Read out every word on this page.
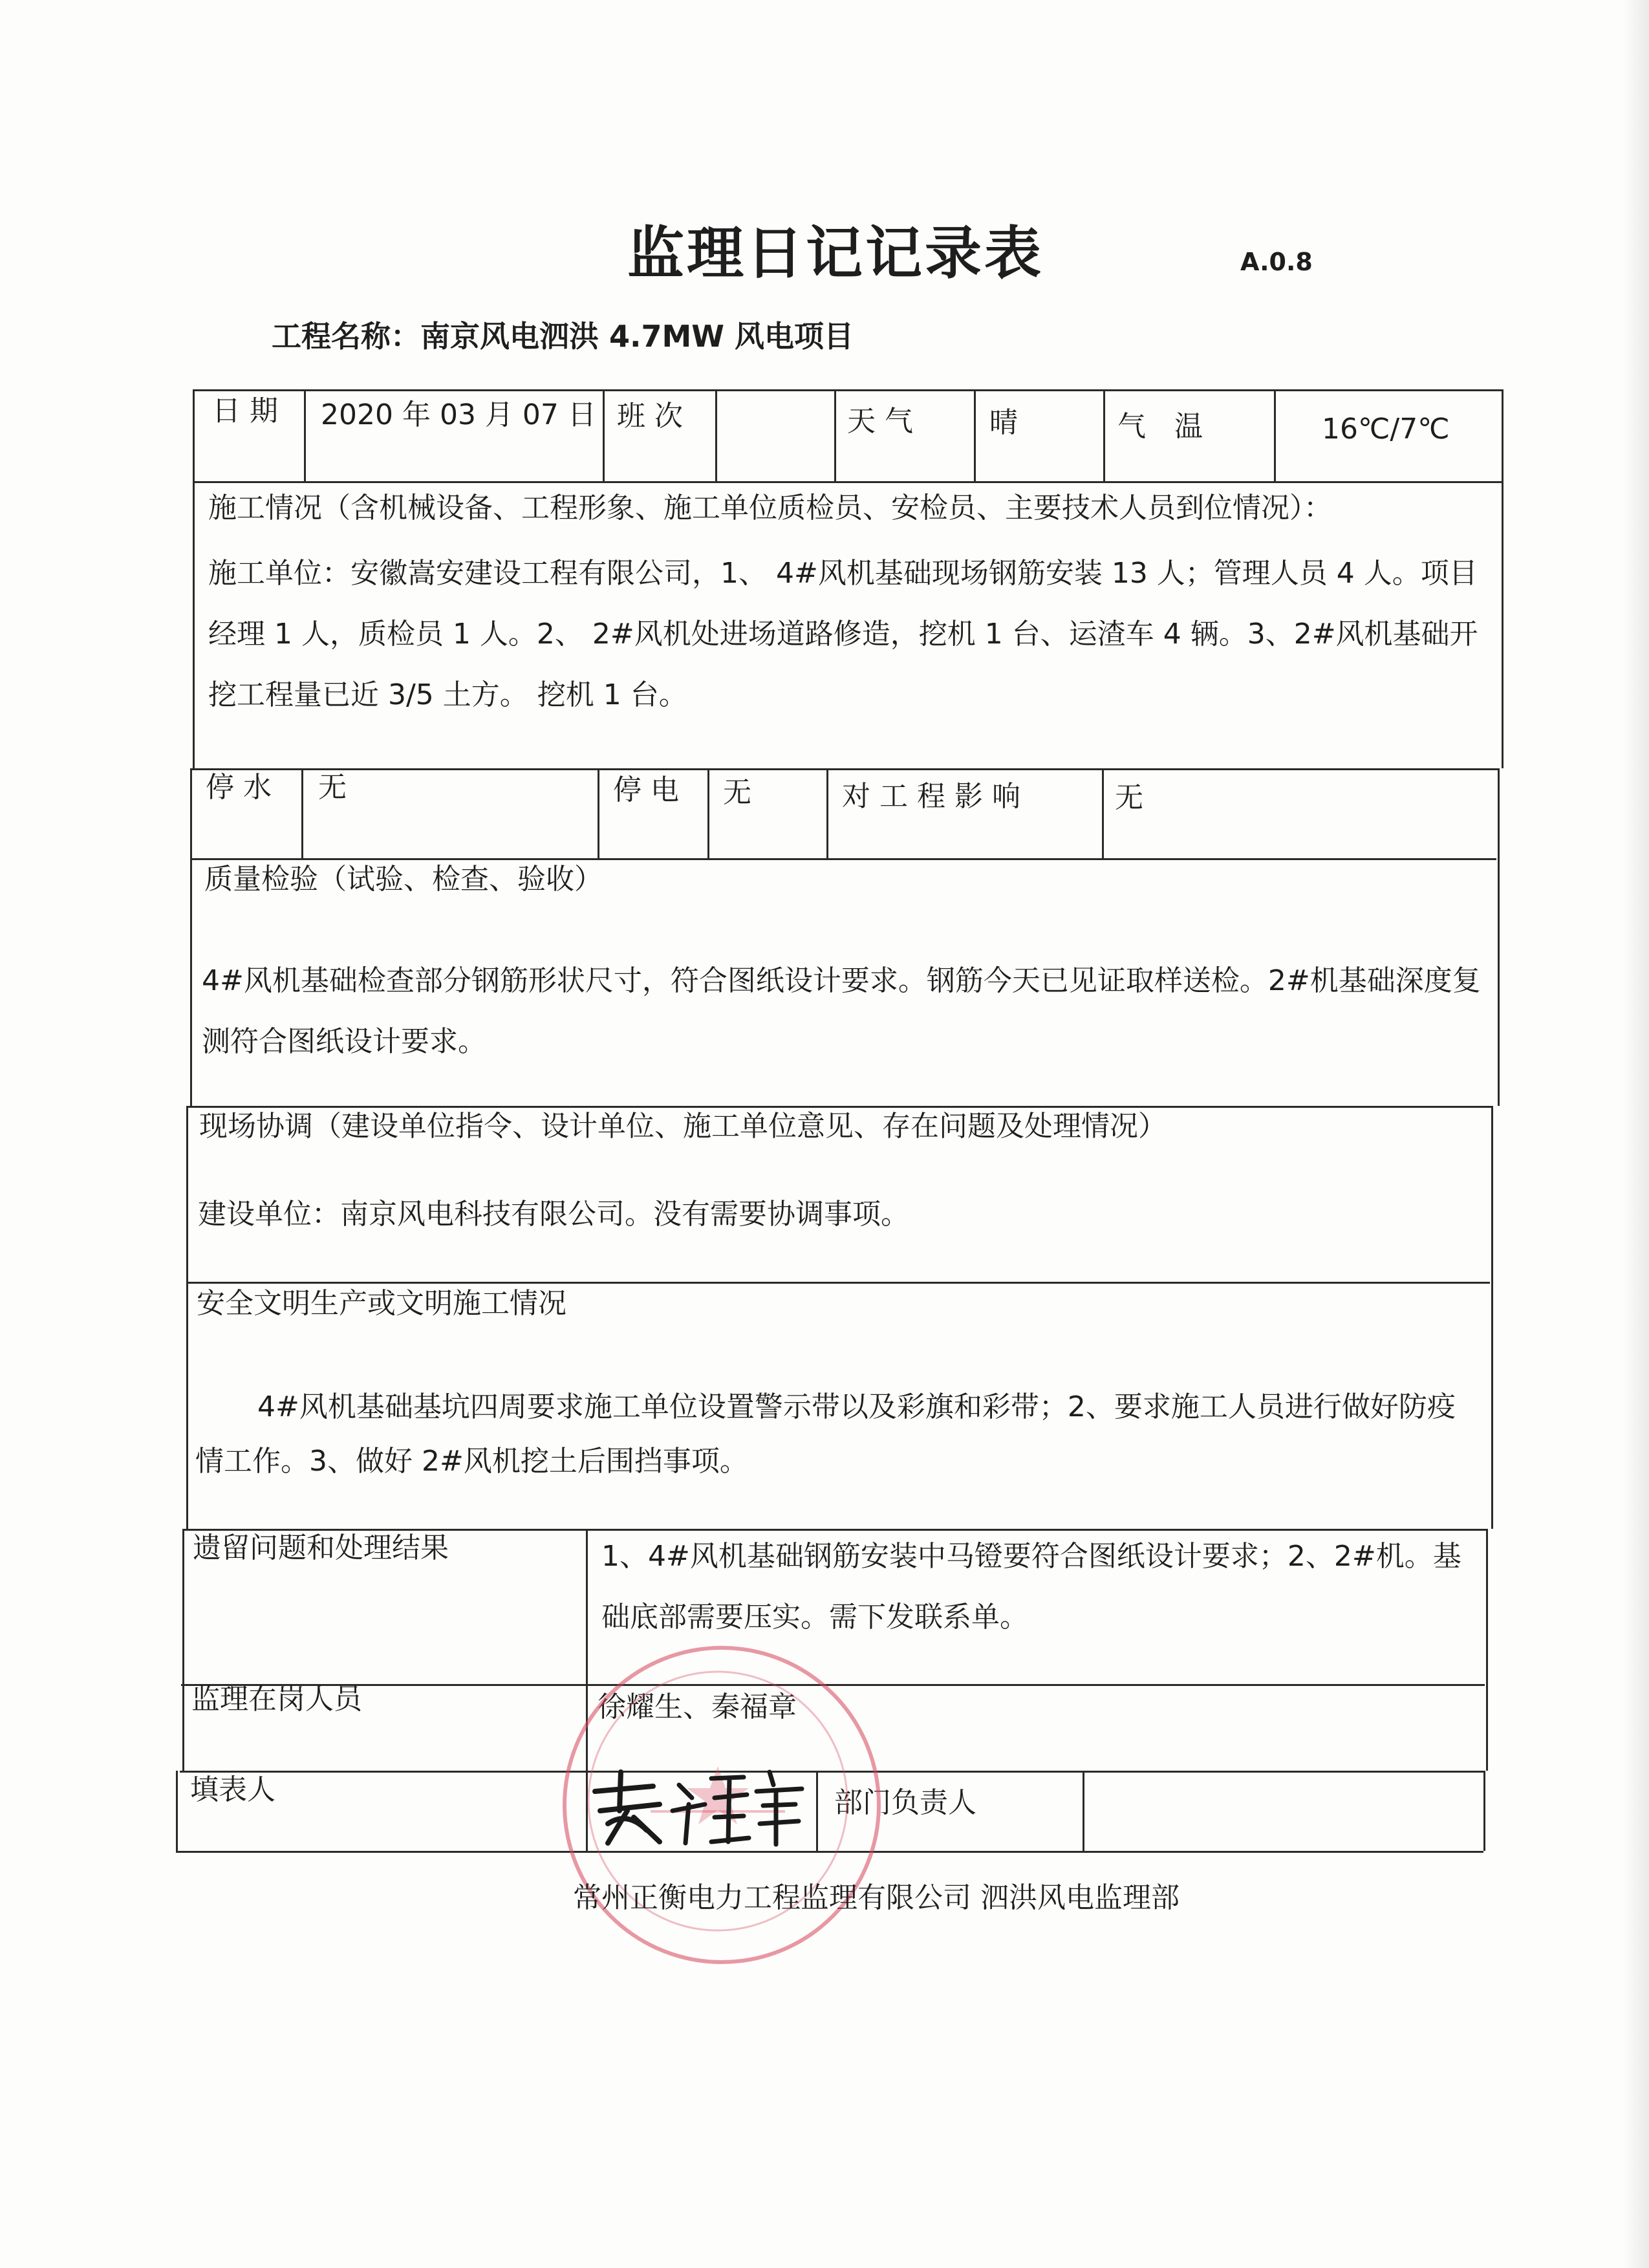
监理日记记录表	A.0.8
工程名称：南京风电泗洪 4.7MW 风电项目
日 期 2020 年 03 月 07 日 班 次	天 气	晴	气　温	16℃/7℃
施工情况（含机械设备、工程形象、施工单位质检员、安检员、主要技术人员到位情况）：
施工单位：安徽嵩安建设工程有限公司，1、 4#风机基础现场钢筋安装 13 人；管理人员 4 人。项目经理 1 人，质检员 1 人。2、 2#风机处进场道路修造，挖机 1 台、运渣车 4 辆。3、2#风机基础开挖工程量已近 3/5 土方。 挖机 1 台。
停 水 无	停 电 无	对 工 程 影 响	无
质量检验（试验、检查、验收）
4#风机基础检查部分钢筋形状尺寸，符合图纸设计要求。钢筋今天已见证取样送检。2#机基础深度复测符合图纸设计要求。
现场协调（建设单位指令、设计单位、施工单位意见、存在问题及处理情况）
建设单位：南京风电科技有限公司。没有需要协调事项。
安全文明生产或文明施工情况
4#风机基础基坑四周要求施工单位设置警示带以及彩旗和彩带；2、要求施工人员进行做好防疫情工作。3、做好 2#风机挖土后围挡事项。
遗留问题和处理结果	1、4#风机基础钢筋安装中马镫要符合图纸设计要求；2、2#机。基础底部需要压实。需下发联系单。
监理在岗人员	徐耀生、秦福章
填表人	部门负责人
常州正衡电力工程监理有限公司 泗洪风电监理部
